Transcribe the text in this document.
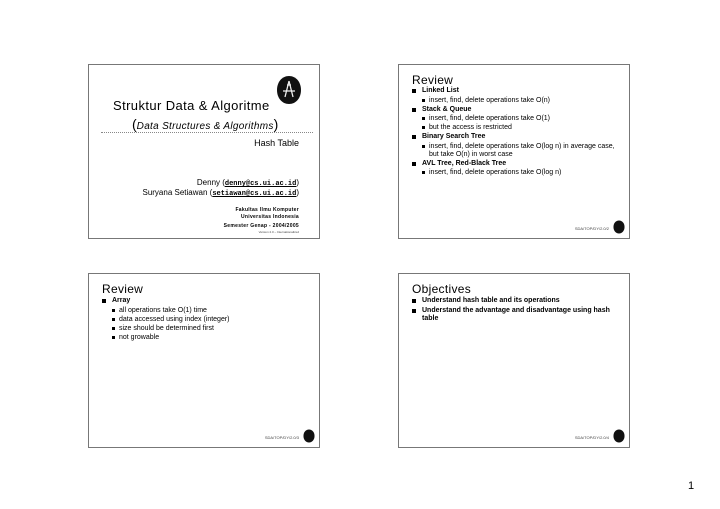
Struktur Data & Algoritme
(Data Structures & Algorithms)
Hash Table
Denny (denny@cs.ui.ac.id)
Suryana Setiawan (setiawan@cs.ui.ac.id)
Fakultas Ilmu Komputer
Universitas Indonesia
Semester Genap - 2004/2005
Version 2.0 – Internationalized
Review
Linked List
insert, find, delete operations take O(n)
Stack & Queue
insert, find, delete operations take O(1)
but the access is restricted
Binary Search Tree
insert, find, delete operations take O(log n) in average case, but take O(n) in worst case
AVL Tree, Red-Black Tree
insert, find, delete operations take O(log n)
SDA/TOP/DY/2.0/2
Review
Array
all operations take O(1) time
data accessed using index (integer)
size should be determined first
not growable
SDA/TOP/DY/2.0/3
Objectives
Understand hash table and its operations
Understand the advantage and disadvantage using hash table
SDA/TOP/DY/2.0/4
1
